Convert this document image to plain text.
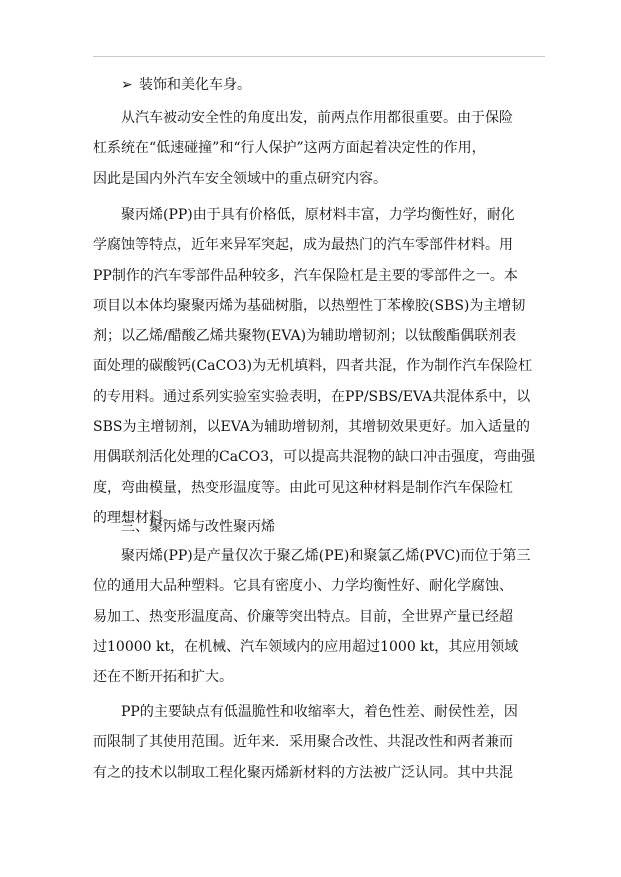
➢ 装饰和美化车身。

从汽车被动安全性的角度出发，前两点作用都很重要。由于保险
杠系统在“低速碰撞”和“行人保护”这两方面起着决定性的作用，
因此是国内外汽车安全领域中的重点研究内容。

聚丙烯(PP)由于具有价格低，原材料丰富，力学均衡性好，耐化
学腐蚀等特点，近年来异军突起，成为最热门的汽车零部件材料。用
PP制作的汽车零部件品种较多，汽车保险杠是主要的零部件之一。本
项目以本体均聚聚丙烯为基础树脂，以热塑性丁苯橡胶(SBS)为主增韧
剂；以乙烯/醋酸乙烯共聚物(EVA)为辅助增韧剂；以钛酸酯偶联剂表
面处理的碳酸钙(CaCO3)为无机填料，四者共混，作为制作汽车保险杠
的专用料。通过系列实验室实验表明，在PP/SBS/EVA共混体系中，以
SBS为主增韧剂，以EVA为辅助增韧剂，其增韧效果更好。加入适量的
用偶联剂活化处理的CaCO3，可以提高共混物的缺口冲击强度，弯曲强
度，弯曲模量，热变形温度等。由此可见这种材料是制作汽车保险杠
的理想材料。

三、聚丙烯与改性聚丙烯

聚丙烯(PP)是产量仅次于聚乙烯(PE)和聚氯乙烯(PVC)而位于第三
位的通用大品种塑料。它具有密度小、力学均衡性好、耐化学腐蚀、
易加工、热变形温度高、价廉等突出特点。目前，全世界产量已经超
过10000 kt，在机械、汽车领域内的应用超过1000 kt，其应用领域
还在不断开拓和扩大。

PP的主要缺点有低温脆性和收缩率大，着色性差、耐侯性差，因
而限制了其使用范围。近年来．采用聚合改性、共混改性和两者兼而
有之的技术以制取工程化聚丙烯新材料的方法被广泛认同。其中共混
